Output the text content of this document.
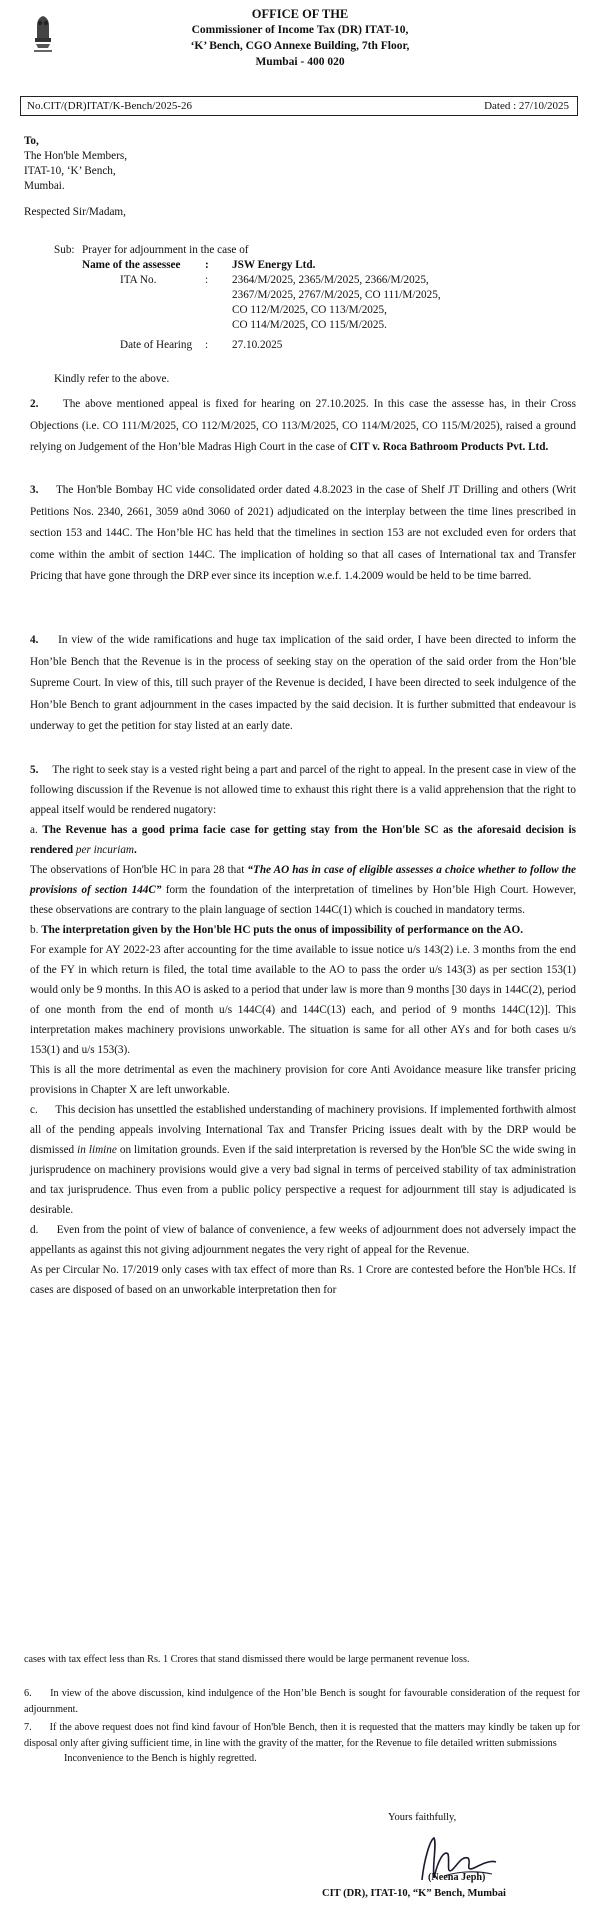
OFFICE OF THE
Commissioner of Income Tax (DR) ITAT-10,
‘K’ Bench, CGO Annexe Building, 7th Floor,
Mumbai - 400 020
No.CIT/(DR)ITAT/K-Bench/2025-26	Dated : 27/10/2025
To,
The Hon'ble Members,
ITAT-10, ‘K’ Bench,
Mumbai.
Respected Sir/Madam,
Sub: Prayer for adjournment in the case of
Name of the assessee : JSW Energy Ltd.
ITA No.	: 2364/M/2025, 2365/M/2025, 2366/M/2025,
2367/M/2025, 2767/M/2025, CO 111/M/2025,
CO 112/M/2025, CO 113/M/2025,
CO 114/M/2025, CO 115/M/2025.
Date of Hearing : 27.10.2025
Kindly refer to the above.
2. The above mentioned appeal is fixed for hearing on 27.10.2025. In this case the assesse has, in their Cross Objections (i.e. CO 111/M/2025, CO 112/M/2025, CO 113/M/2025, CO 114/M/2025, CO 115/M/2025), raised a ground relying on Judgement of the Hon’ble Madras High Court in the case of CIT v. Roca Bathroom Products Pvt. Ltd.
3. The Hon'ble Bombay HC vide consolidated order dated 4.8.2023 in the case of Shelf JT Drilling and others (Writ Petitions Nos. 2340, 2661, 3059 a0nd 3060 of 2021) adjudicated on the interplay between the time lines prescribed in section 153 and 144C. The Hon’ble HC has held that the timelines in section 153 are not excluded even for orders that come within the ambit of section 144C. The implication of holding so that all cases of International tax and Transfer Pricing that have gone through the DRP ever since its inception w.e.f. 1.4.2009 would be held to be time barred.
4. In view of the wide ramifications and huge tax implication of the said order, I have been directed to inform the Hon’ble Bench that the Revenue is in the process of seeking stay on the operation of the said order from the Hon’ble Supreme Court. In view of this, till such prayer of the Revenue is decided, I have been directed to seek indulgence of the Hon’ble Bench to grant adjournment in the cases impacted by the said decision. It is further submitted that endeavour is underway to get the petition for stay listed at an early date.
5. The right to seek stay is a vested right being a part and parcel of the right to appeal. In the present case in view of the following discussion if the Revenue is not allowed time to exhaust this right there is a valid apprehension that the right to appeal itself would be rendered nugatory:
a. The Revenue has a good prima facie case for getting stay from the Hon'ble SC as the aforesaid decision is rendered per incuriam.
The observations of Hon'ble HC in para 28 that “The AO has in case of eligible assesses a choice whether to follow the provisions of section 144C” form the foundation of the interpretation of timelines by Hon’ble High Court. However, these observations are contrary to the plain language of section 144C(1) which is couched in mandatory terms.
b. The interpretation given by the Hon'ble HC puts the onus of impossibility of performance on the AO.
For example for AY 2022-23 after accounting for the time available to issue notice u/s 143(2) i.e. 3 months from the end of the FY in which return is filed, the total time available to the AO to pass the order u/s 143(3) as per section 153(1) would only be 9 months. In this AO is asked to a period that under law is more than 9 months [30 days in 144C(2), period of one month from the end of month u/s 144C(4) and 144C(13) each, and period of 9 months 144C(12)]. This interpretation makes machinery provisions unworkable. The situation is same for all other AYs and for both cases u/s 153(1) and u/s 153(3).
This is all the more detrimental as even the machinery provision for core Anti Avoidance measure like transfer pricing provisions in Chapter X are left unworkable.
c. This decision has unsettled the established understanding of machinery provisions. If implemented forthwith almost all of the pending appeals involving International Tax and Transfer Pricing issues dealt with by the DRP would be dismissed in limine on limitation grounds. Even if the said interpretation is reversed by the Hon'ble SC the wide swing in jurisprudence on machinery provisions would give a very bad signal in terms of perceived stability of tax administration and tax jurisprudence. Thus even from a public policy perspective a request for adjournment till stay is adjudicated is desirable.
d. Even from the point of view of balance of convenience, a few weeks of adjournment does not adversely impact the appellants as against this not giving adjournment negates the very right of appeal for the Revenue.
As per Circular No. 17/2019 only cases with tax effect of more than Rs. 1 Crore are contested before the Hon'ble HCs. If cases are disposed of based on an unworkable interpretation then for
cases with tax effect less than Rs. 1 Crores that stand dismissed there would be large permanent revenue loss.
6. In view of the above discussion, kind indulgence of the Hon’ble Bench is sought for favourable consideration of the request for adjournment.
7. If the above request does not find kind favour of Hon'ble Bench, then it is requested that the matters may kindly be taken up for disposal only after giving sufficient time, in line with the gravity of the matter, for the Revenue to file detailed written submissions
Inconvenience to the Bench is highly regretted.
Yours faithfully,
(Neena Jeph)
CIT (DR), ITAT-10, “K” Bench, Mumbai
